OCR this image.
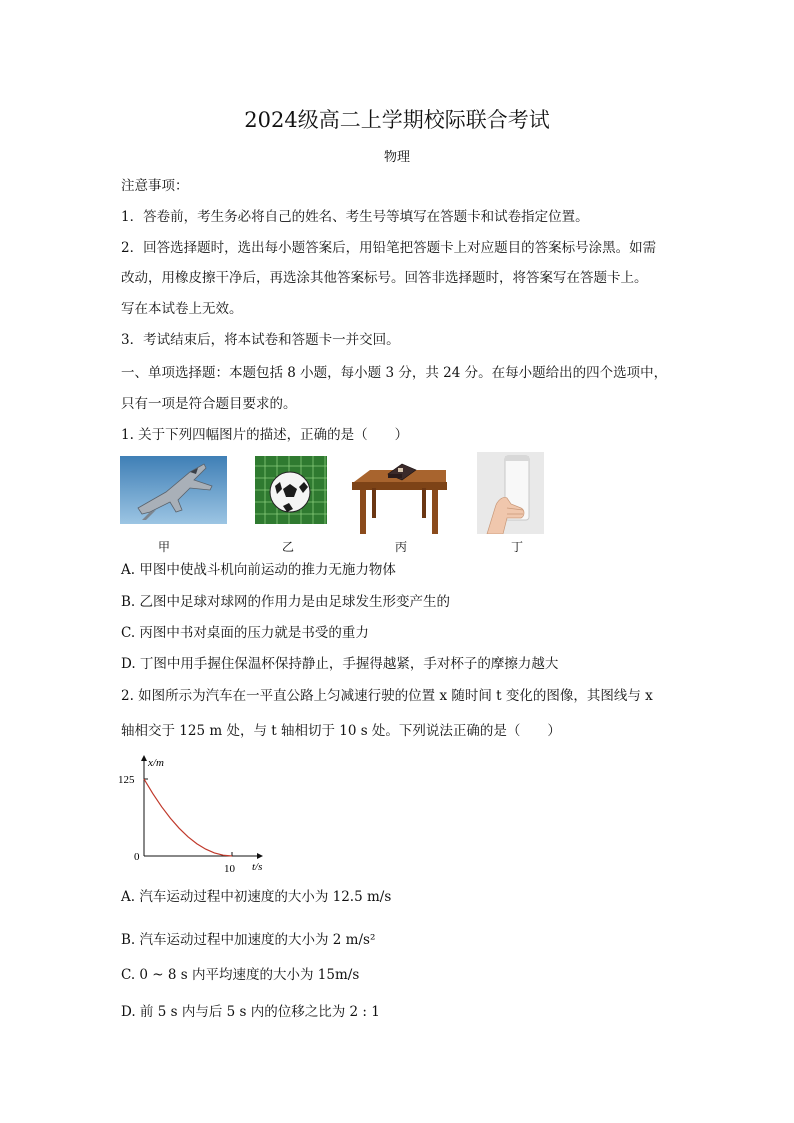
2024级高二上学期校际联合考试
物理
注意事项：
1．答卷前，考生务必将自己的姓名、考生号等填写在答题卡和试卷指定位置。
2．回答选择题时，选出每小题答案后，用铅笔把答题卡上对应题目的答案标号涂黑。如需
改动，用橡皮擦干净后，再选涂其他答案标号。回答非选择题时，将答案写在答题卡上。
写在本试卷上无效。
3．考试结束后，将本试卷和答题卡一并交回。
一、单项选择题：本题包括 8 小题，每小题 3 分，共 24 分。在每小题给出的四个选项中，
只有一项是符合题目要求的。
1. 关于下列四幅图片的描述，正确的是（　　）
甲	乙	丙	丁
A. 甲图中使战斗机向前运动的推力无施力物体
B. 乙图中足球对球网的作用力是由足球发生形变产生的
C. 丙图中书对桌面的压力就是书受的重力
D. 丁图中用手握住保温杯保持静止，手握得越紧，手对杯子的摩擦力越大
2. 如图所示为汽车在一平直公路上匀减速行驶的位置 x 随时间 t 变化的图像，其图线与 x
轴相交于 125 m 处，与 t 轴相切于 10 s 处。下列说法正确的是（　　）
x/m
t/s
125
10
0
A. 汽车运动过程中初速度的大小为 12.5 m/s
B. 汽车运动过程中加速度的大小为 2 m/s²
C. 0 ~ 8 s 内平均速度的大小为 15m/s
D. 前 5 s 内与后 5 s 内的位移之比为 2 : 1
